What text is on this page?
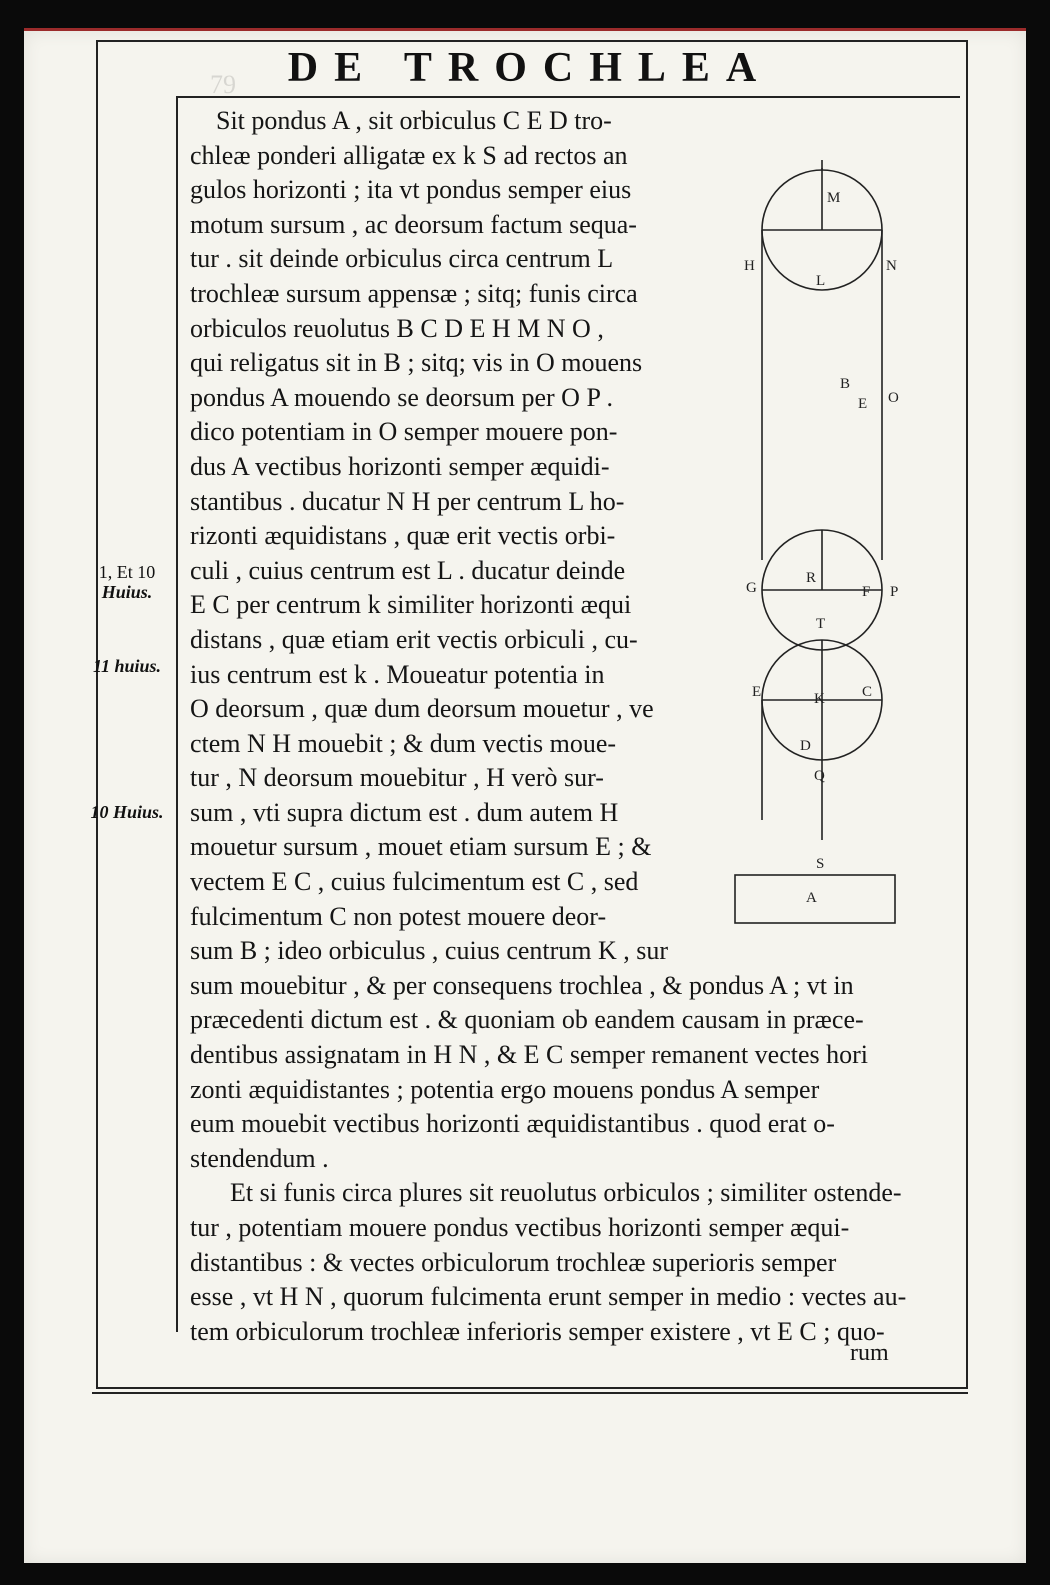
79	DE TROCHLEA
1, Et 10
Huius.
11 huius.
10 Huius.
Sit pondus A , sit orbiculus C E D tro-
chleæ ponderi alligatæ ex k S ad rectos an
gulos horizonti ; ita vt pondus semper eius
motum sursum , ac deorsum factum sequa-
tur . sit deinde orbiculus circa centrum L
trochleæ sursum appensæ ; sitq; funis circa
orbiculos reuolutus B C D E H M N O ,
qui religatus sit in B ; sitq; vis in O mouens
pondus A mouendo se deorsum per O P .
dico potentiam in O semper mouere pon-
dus A vectibus horizonti semper æquidi-
stantibus . ducatur N H per centrum L ho-
rizonti æquidistans , quæ erit vectis orbi-
culi , cuius centrum est L . ducatur deinde
E C per centrum k similiter horizonti æqui
distans , quæ etiam erit vectis orbiculi , cu-
ius centrum est k . Moueatur potentia in
O deorsum , quæ dum deorsum mouetur , ve
ctem N H mouebit ; & dum vectis moue-
tur , N deorsum mouebitur , H verò sur-
sum , vti supra dictum est . dum autem H
mouetur sursum , mouet etiam sursum E ; &
vectem E C , cuius fulcimentum est C , sed
fulcimentum C non potest mouere deor-
sum B ; ideo orbiculus , cuius centrum K , sur
sum mouebitur , & per consequens trochlea , & pondus A ; vt in
præcedenti dictum est . & quoniam ob eandem causam in præce-
dentibus assignatam in H N , & E C semper remanent vectes hori
zonti æquidistantes ; potentia ergo mouens pondus A semper
eum mouebit vectibus horizonti æquidistantibus . quod erat o-
stendendum .
Et si funis circa plures sit reuolutus orbiculos ; similiter ostende-
tur , potentiam mouere pondus vectibus horizonti semper æqui-
distantibus : & vectes orbiculorum trochleæ superioris semper
esse , vt H N , quorum fulcimenta erunt semper in medio : vectes au-
tem orbiculorum trochleæ inferioris semper existere , vt E C ; quo-
rum
M
H	N
L
B
E O
G
R
F P
T
E	K C
D
Q
S
A
